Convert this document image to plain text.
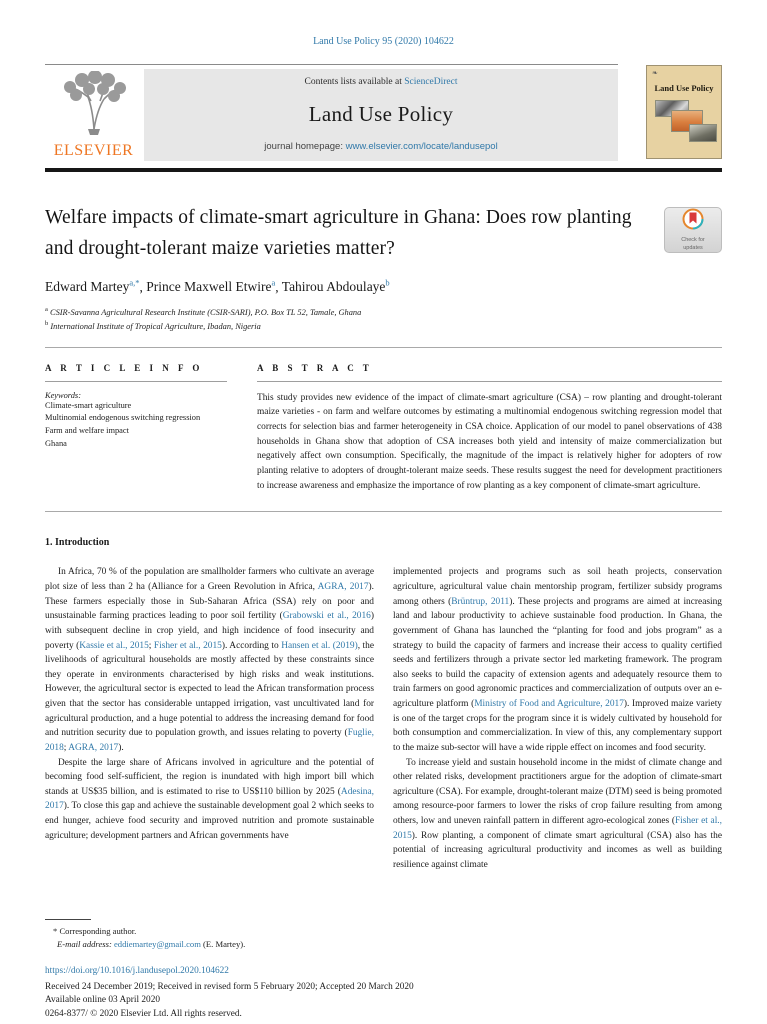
Land Use Policy 95 (2020) 104622
ELSEVIER
Contents lists available at ScienceDirect
Land Use Policy
journal homepage: www.elsevier.com/locate/landusepol
❧
Land Use Policy
Welfare impacts of climate-smart agriculture in Ghana: Does row planting and drought-tolerant maize varieties matter?	Check for updates
Edward Martey$^{a,*}$, Prince Maxwell Etwire$^a$, Tahirou Abdoulaye$^b$
$^a$ CSIR-Savanna Agricultural Research Institute (CSIR-SARI), P.O. Box TL 52, Tamale, Ghana
$^b$ International Institute of Tropical Agriculture, Ibadan, Nigeria
A R T I C L E I N F O
Keywords:
Climate-smart agriculture
Multinomial endogenous switching regression
Farm and welfare impact
Ghana
A B S T R A C T
This study provides new evidence of the impact of climate-smart agriculture (CSA) – row planting and drought-tolerant maize varieties - on farm and welfare outcomes by estimating a multinomial endogenous switching regression model that corrects for selection bias and farmer heterogeneity in CSA choice. Application of our model to panel observations of 438 households in Ghana show that adoption of CSA increases both yield and intensity of maize commercialization but negatively affect own consumption. Specifically, the magnitude of the impact is relatively higher for adopters of row planting relative to adopters of drought-tolerant maize seeds. These results suggest the need for development practitioners to increase awareness and emphasize the importance of row planting as a key component of climate-smart agriculture.
1. Introduction

In Africa, 70 % of the population are smallholder farmers who cultivate an average plot size of less than 2 ha (Alliance for a Green Revolution in Africa, AGRA, 2017). These farmers especially those in Sub-Saharan Africa (SSA) rely on poor and unsustainable farming practices leading to poor soil fertility (Grabowski et al., 2016) with subsequent decline in crop yield, and high incidence of food insecurity and poverty (Kassie et al., 2015; Fisher et al., 2015). According to Hansen et al. (2019), the livelihoods of agricultural households are mostly affected by these constraints since they operate in environments characterised by high risks and weak institutions. However, the agricultural sector is expected to lead the African transformation process given that the sector has considerable untapped irrigation, vast uncultivated land for agricultural production, and a huge potential to address the increasing demand for food and nutrition security due to population growth, and issues relating to poverty (Fuglie, 2018; AGRA, 2017).

Despite the large share of Africans involved in agriculture and the potential of becoming food self-sufficient, the region is inundated with high import bill which stands at US$35 billion, and is estimated to rise to US$110 billion by 2025 (Adesina, 2017). To close this gap and achieve the sustainable development goal 2 which seeks to end hunger, achieve food security and improved nutrition and promote sustainable agriculture; development partners and African governments have

implemented projects and programs such as soil heath projects, conservation agriculture, agricultural value chain mentorship program, fertilizer subsidy programs among others (Brüntrup, 2011). These projects and programs are aimed at increasing land and labour productivity to achieve sustainable food production. In Ghana, the government of Ghana has launched the “planting for food and jobs program” as a strategy to build the capacity of farmers and increase their access to quality certified seeds and fertilizers through a private sector led marketing framework. The program also seeks to build the capacity of extension agents and adequately resource them to train farmers on good agronomic practices and commercialization of outputs over an e-agriculture platform (Ministry of Food and Agriculture, 2017). Improved maize variety is one of the target crops for the program since it is widely cultivated by household for both consumption and commercialization. In view of this, any complementary support to the maize sub-sector will have a wide ripple effect on incomes and food security.

To increase yield and sustain household income in the midst of climate change and other related risks, development practitioners argue for the adoption of climate-smart agriculture (CSA). For example, drought-tolerant maize (DTM) seed is being promoted among resource-poor farmers to lower the risks of crop failure resulting from among others, low and uneven rainfall pattern in different agro-ecological zones (Fisher et al., 2015). Row planting, a component of climate smart agricultural (CSA) also has the potential of increasing agricultural productivity and incomes as well as building resilience against climate

* Corresponding author.
E-mail address: eddiemartey@gmail.com (E. Martey).
https://doi.org/10.1016/j.landusepol.2020.104622
Received 24 December 2019; Received in revised form 5 February 2020; Accepted 20 March 2020
Available online 03 April 2020
0264-8377/ © 2020 Elsevier Ltd. All rights reserved.
